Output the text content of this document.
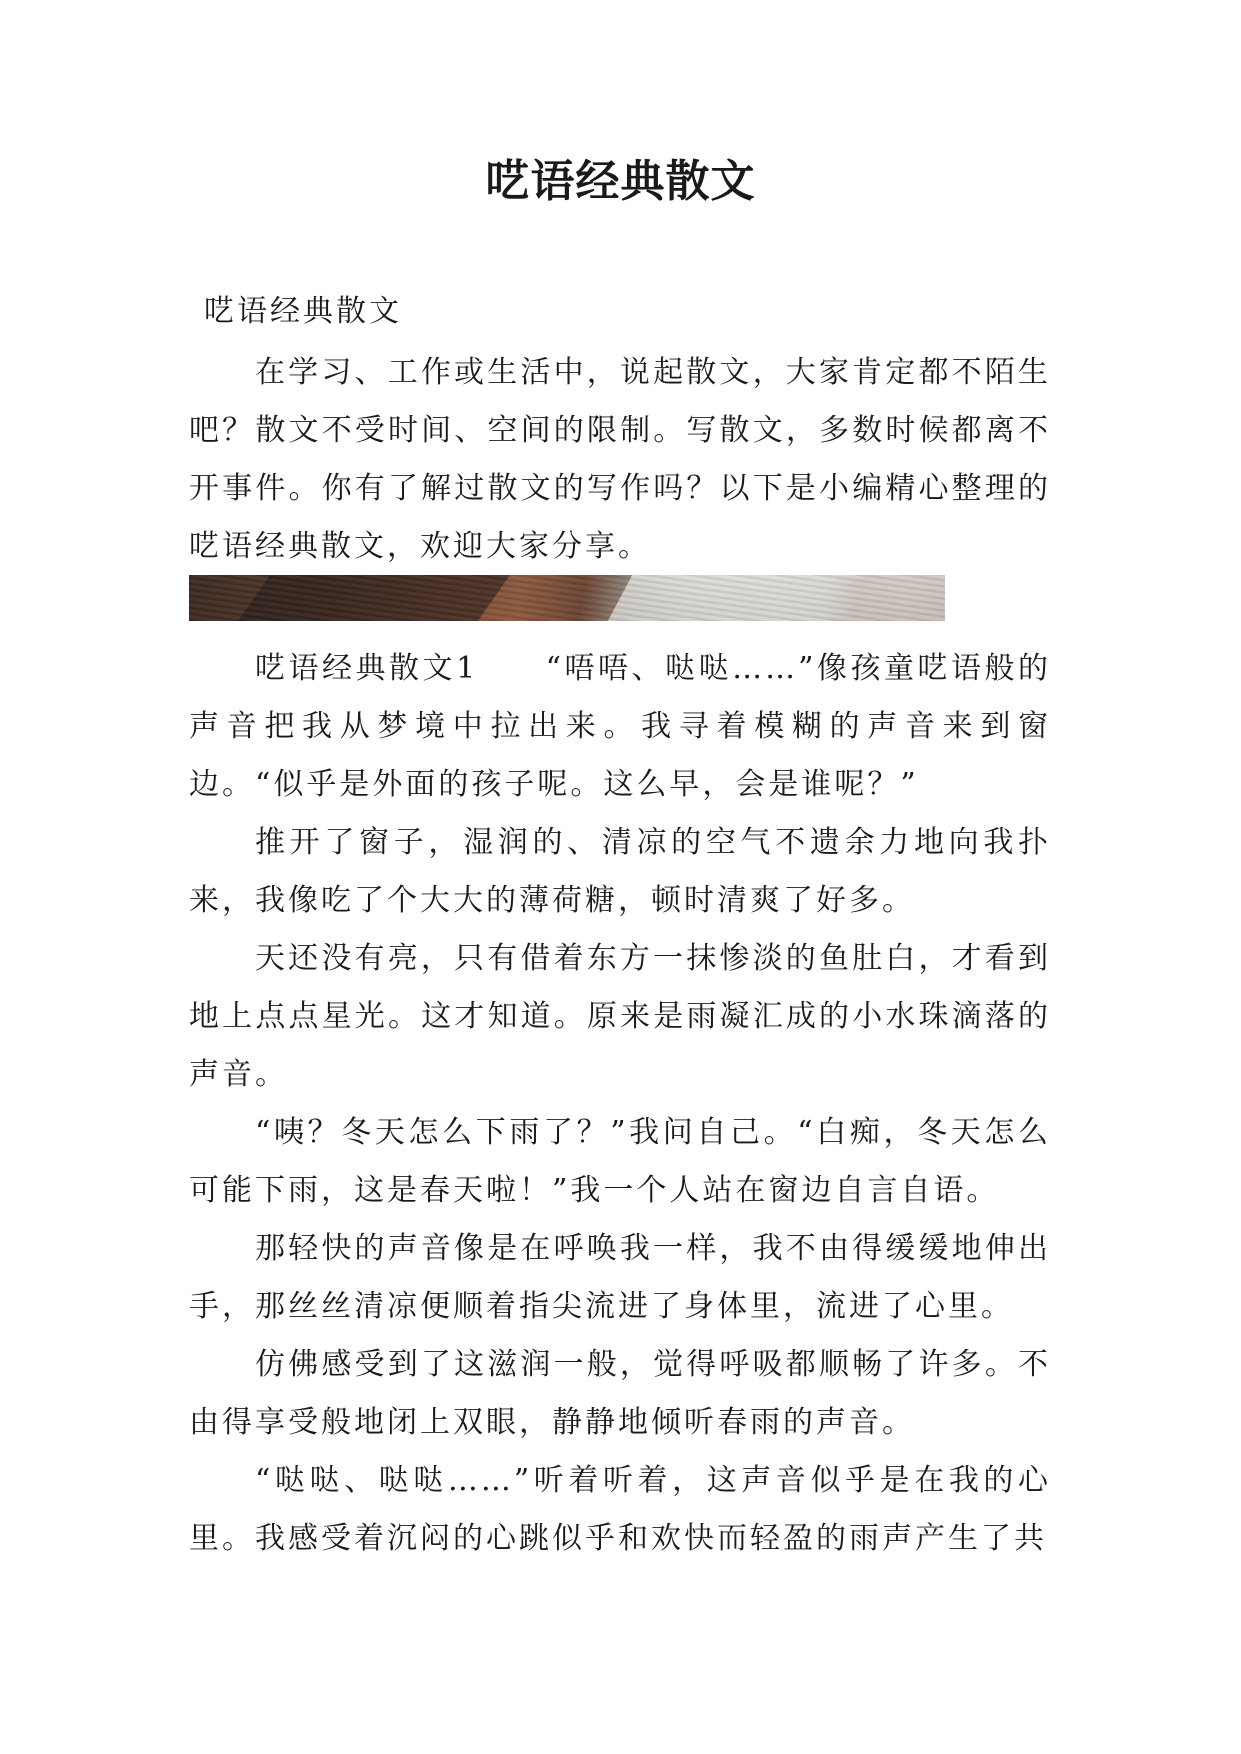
呓语经典散文
呓语经典散文

在学习、工作或生活中，说起散文，大家肯定都不陌生吧？散文不受时间、空间的限制。写散文，多数时候都离不开事件。你有了解过散文的写作吗？以下是小编精心整理的呓语经典散文，欢迎大家分享。

呓语经典散文1　　“唔唔、哒哒……”像孩童呓语般的声音把我从梦境中拉出来。我寻着模糊的声音来到窗边。“似乎是外面的孩子呢。这么早，会是谁呢？”

推开了窗子，湿润的、清凉的空气不遗余力地向我扑来，我像吃了个大大的薄荷糖，顿时清爽了好多。

天还没有亮，只有借着东方一抹惨淡的鱼肚白，才看到地上点点星光。这才知道。原来是雨凝汇成的小水珠滴落的声音。

“咦？冬天怎么下雨了？”我问自己。“白痴，冬天怎么可能下雨，这是春天啦！”我一个人站在窗边自言自语。

那轻快的声音像是在呼唤我一样，我不由得缓缓地伸出手，那丝丝清凉便顺着指尖流进了身体里，流进了心里。

仿佛感受到了这滋润一般，觉得呼吸都顺畅了许多。不由得享受般地闭上双眼，静静地倾听春雨的声音。

“哒哒、哒哒……”听着听着，这声音似乎是在我的心里。我感受着沉闷的心跳似乎和欢快而轻盈的雨声产生了共
